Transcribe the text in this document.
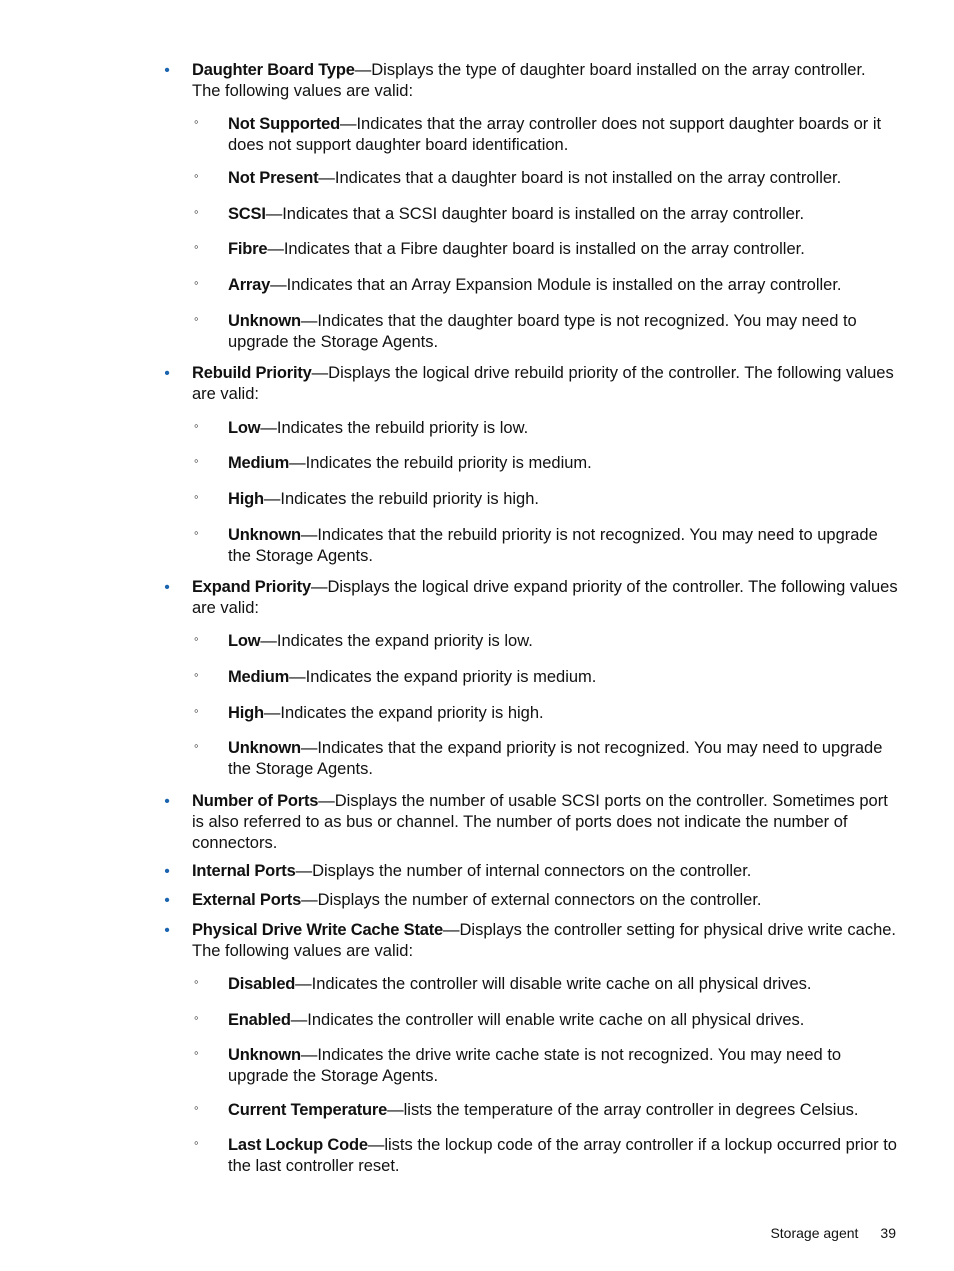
•	Daughter Board Type—Displays the type of daughter board installed on the array controller. The following values are valid:
◦ Not Supported—Indicates that the array controller does not support daughter boards or it does not support daughter board identification.
◦ Not Present—Indicates that a daughter board is not installed on the array controller.
◦ SCSI—Indicates that a SCSI daughter board is installed on the array controller.
◦ Fibre—Indicates that a Fibre daughter board is installed on the array controller.
◦ Array—Indicates that an Array Expansion Module is installed on the array controller.
◦ Unknown—Indicates that the daughter board type is not recognized. You may need to upgrade the Storage Agents.
•	Rebuild Priority—Displays the logical drive rebuild priority of the controller. The following values are valid:
◦ Low—Indicates the rebuild priority is low.
◦ Medium—Indicates the rebuild priority is medium.
◦ High—Indicates the rebuild priority is high.
◦ Unknown—Indicates that the rebuild priority is not recognized. You may need to upgrade the Storage Agents.
•	Expand Priority—Displays the logical drive expand priority of the controller. The following values are valid:
◦ Low—Indicates the expand priority is low.
◦ Medium—Indicates the expand priority is medium.
◦ High—Indicates the expand priority is high.
◦ Unknown—Indicates that the expand priority is not recognized. You may need to upgrade the Storage Agents.
•	Number of Ports—Displays the number of usable SCSI ports on the controller. Sometimes port is also referred to as bus or channel. The number of ports does not indicate the number of connectors.
•	Internal Ports—Displays the number of internal connectors on the controller.
•	External Ports—Displays the number of external connectors on the controller.
•	Physical Drive Write Cache State—Displays the controller setting for physical drive write cache. The following values are valid:
◦ Disabled—Indicates the controller will disable write cache on all physical drives.
◦ Enabled—Indicates the controller will enable write cache on all physical drives.
◦ Unknown—Indicates the drive write cache state is not recognized. You may need to upgrade the Storage Agents.
◦ Current Temperature—lists the temperature of the array controller in degrees Celsius.
◦ Last Lockup Code—lists the lockup code of the array controller if a lockup occurred prior to the last controller reset.
Storage agent 39
